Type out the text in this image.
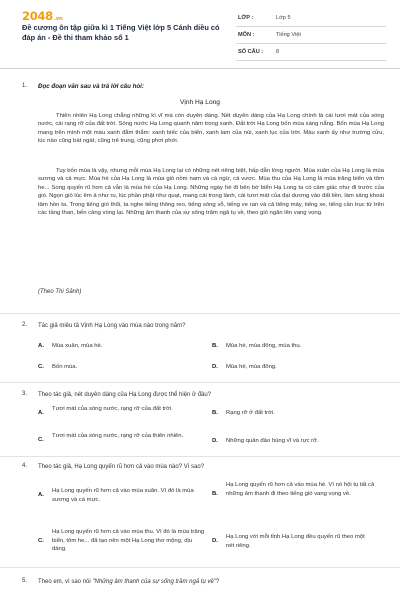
2048.vn
Đề cương ôn tập giữa kì 1 Tiếng Việt lớp 5 Cánh diều có đáp án - Đề thi tham khảo số 1
LỚP :	Lớp 5
MÔN :	Tiếng Việt
SỐ CÂU : 8
1. Đọc đoạn văn sau và trả lời câu hỏi:
Vịnh Hạ Long

Thiên nhiên Hạ Long chẳng những kì vĩ mà còn duyên dáng. Nét duyên dáng của Hạ Long chính là cái tươi mát của sóng nước, cái rạng rỡ của đất trời. Sóng nước Hạ Long quanh năm trong xanh. Đất trời Hạ Long bốn mùa sáng nắng. Bốn mùa Hạ Long mang trên mình một màu xanh đằm thắm: xanh biếc của biển, xanh lam của núi, xanh lục của trời. Màu xanh ấy như trường cửu, lúc nào cũng bát ngát, cũng trẻ trung, cũng phơi phới.

Tuy bốn mùa là vậy, nhưng mỗi mùa Hạ Long lại có những nét riêng biệt, hấp dẫn lòng người. Mùa xuân của Hạ Long là mùa sương và cá mực. Mùa hè của Hạ Long là mùa gió nồm nam và cá ngừ, cá vược. Mùa thu của Hạ Long là mùa trăng biển và tôm he... Song quyến rũ hơn cả vẫn là mùa hè của Hạ Long. Những ngày hè đi bên bờ biển Hạ Long ta có cảm giác như đi trước của gió. Ngọn gió lúc êm ả như ru, lúc phần phật như quạt, mang cái trong lành, cái tươi mát của đại dương vào đất liền, làm sảng khoái tâm hồn ta. Trong tiếng gió thổi, ta nghe tiếng thông reo, tiếng sóng vỗ, tiếng ve ran và cả tiếng máy, tiếng xe, tiếng cần trục từ trên các tầng than, bến cảng vòng lại. Những âm thanh của sự sống trăm ngả tụ về, theo gió ngân lên vang vọng.

(Theo Thi Sảnh)
2. Tác giả miêu tả Vịnh Hạ Long vào mùa nào trong năm?
A. Mùa xuân, mùa hè.	B. Mùa hè, mùa đông, mùa thu.
C. Bốn mùa.	D. Mùa hè, mùa đông.
3. Theo tác giả, nét duyên dáng của Hạ Long được thể hiện ở đâu?
A.
Tươi mát của sóng nước, rạng rỡ của đất trời.
B. Rạng rỡ ở đất trời.
C.
Tươi mát của sóng nước, rạng rỡ của thiên nhiên.
D. Những quần đảo hùng vĩ và rực rỡ.
4. Theo tác giả, Hạ Long quyến rũ hơn cả vào mùa nào? Vì sao?
A.
Hạ Long quyến rũ hơn cả vào mùa xuân. Vì đó là mùa sương và cá mực.
B.
Hạ Long quyến rũ hơn cả vào mùa hè. Vì nó hội tụ tất cả những âm thanh đi theo tiếng gió vang vọng về.
C.
Hạ Long quyến rũ hơn cả vào mùa thu. Vì đó là mùa trăng biển, tôm he... đã tạo nên một Hạ Long thơ mộng, dịu dàng.
D.
Hạ Long với mỗi tỉnh Hạ Long đều quyến rũ theo một nét riêng.
5. Theo em, vì sao nói "Những âm thanh của sự sống trăm ngả tụ về"?
